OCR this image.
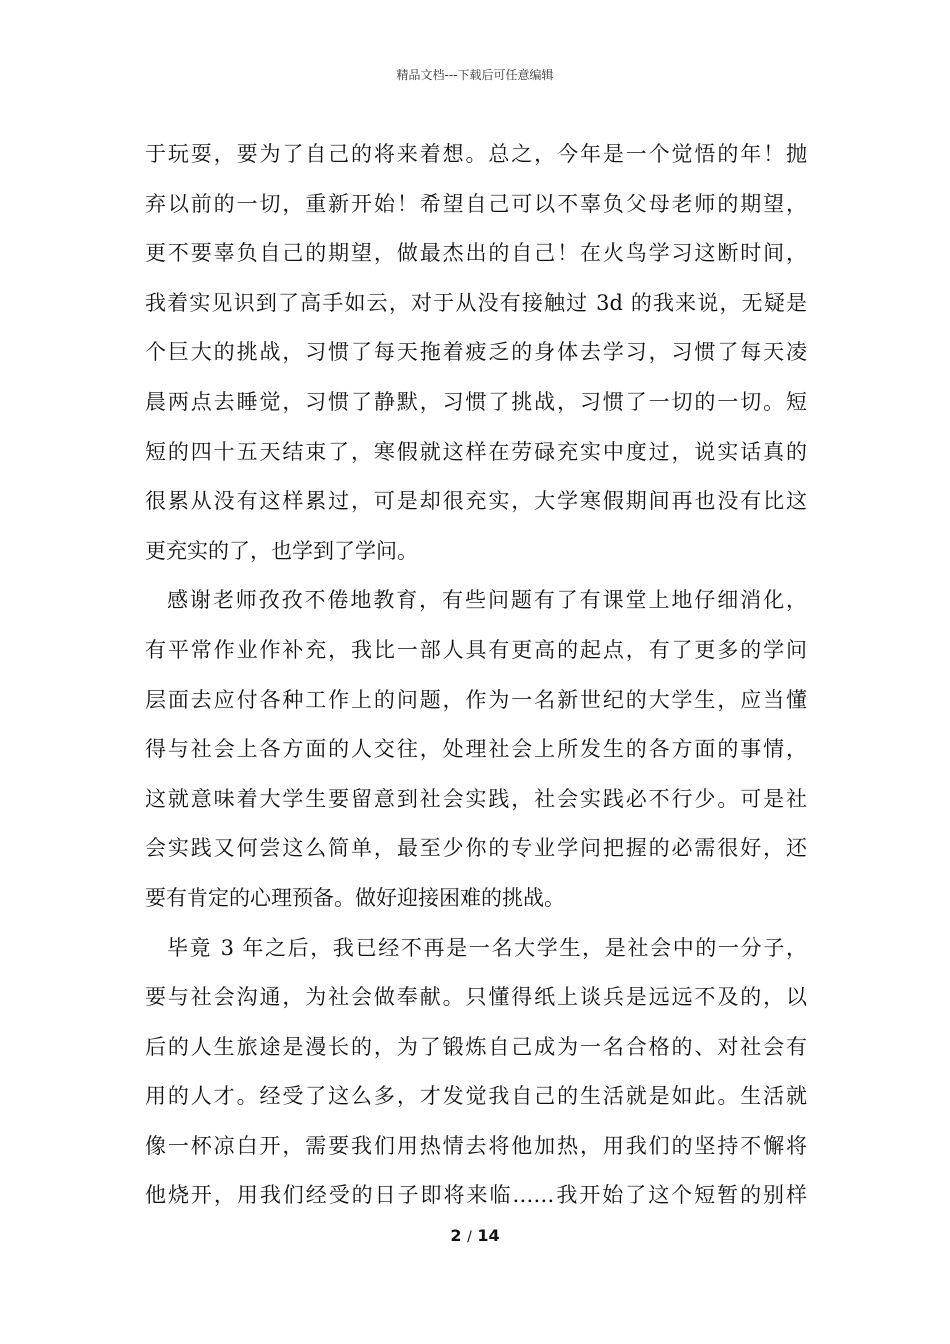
精品文档---下载后可任意编辑
于玩耍，要为了自己的将来着想。总之，今年是一个觉悟的年！抛
弃以前的一切，重新开始！希望自己可以不辜负父母老师的期望，
更不要辜负自己的期望，做最杰出的自己！在火鸟学习这断时间，
我着实见识到了高手如云，对于从没有接触过 3d 的我来说，无疑是
个巨大的挑战，习惯了每天拖着疲乏的身体去学习，习惯了每天凌
晨两点去睡觉，习惯了静默，习惯了挑战，习惯了一切的一切。短
短的四十五天结束了，寒假就这样在劳碌充实中度过，说实话真的
很累从没有这样累过，可是却很充实，大学寒假期间再也没有比这
更充实的了，也学到了学问。
感谢老师孜孜不倦地教育，有些问题有了有课堂上地仔细消化，
有平常作业作补充，我比一部人具有更高的起点，有了更多的学问
层面去应付各种工作上的问题，作为一名新世纪的大学生，应当懂
得与社会上各方面的人交往，处理社会上所发生的各方面的事情，
这就意味着大学生要留意到社会实践，社会实践必不行少。可是社
会实践又何尝这么简单，最至少你的专业学问把握的必需很好，还
要有肯定的心理预备。做好迎接困难的挑战。
毕竟 3 年之后，我已经不再是一名大学生，是社会中的一分子，
要与社会沟通，为社会做奉献。只懂得纸上谈兵是远远不及的，以
后的人生旅途是漫长的，为了锻炼自己成为一名合格的、对社会有
用的人才。经受了这么多，才发觉我自己的生活就是如此。生活就
像一杯凉白开，需要我们用热情去将他加热，用我们的坚持不懈将
他烧开，用我们经受的日子即将来临……我开始了这个短暂的别样
2 / 14
